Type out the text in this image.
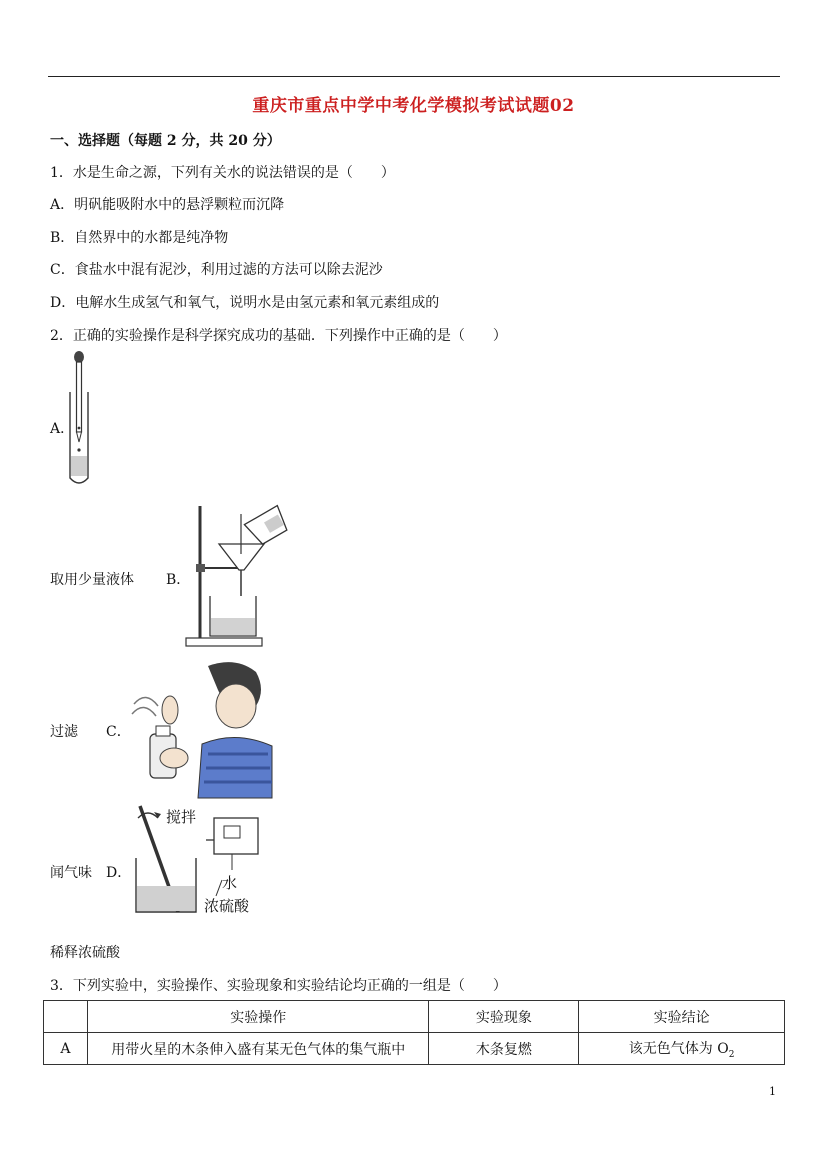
重庆市重点中学中考化学模拟考试试题02
一、选择题（每题 2 分，共 20 分）
1．水是生命之源，下列有关水的说法错误的是（　　）
A．明矾能吸附水中的悬浮颗粒而沉降
B．自然界中的水都是纯净物
C．食盐水中混有泥沙，利用过滤的方法可以除去泥沙
D．电解水生成氢气和氧气，说明水是由氢元素和氧元素组成的
2．正确的实验操作是科学探究成功的基础．下列操作中正确的是（　　）
A．
取用少量液体 B．
过滤 C．
闻气味 D．
搅拌
水
浓硫酸
稀释浓硫酸
3．下列实验中，实验操作、实验现象和实验结论均正确的一组是（　　）
	实验操作	实验现象	实验结论
A	用带火星的木条伸入盛有某无色气体的集气瓶中	木条复燃	该无色气体为 $O_2$
1
